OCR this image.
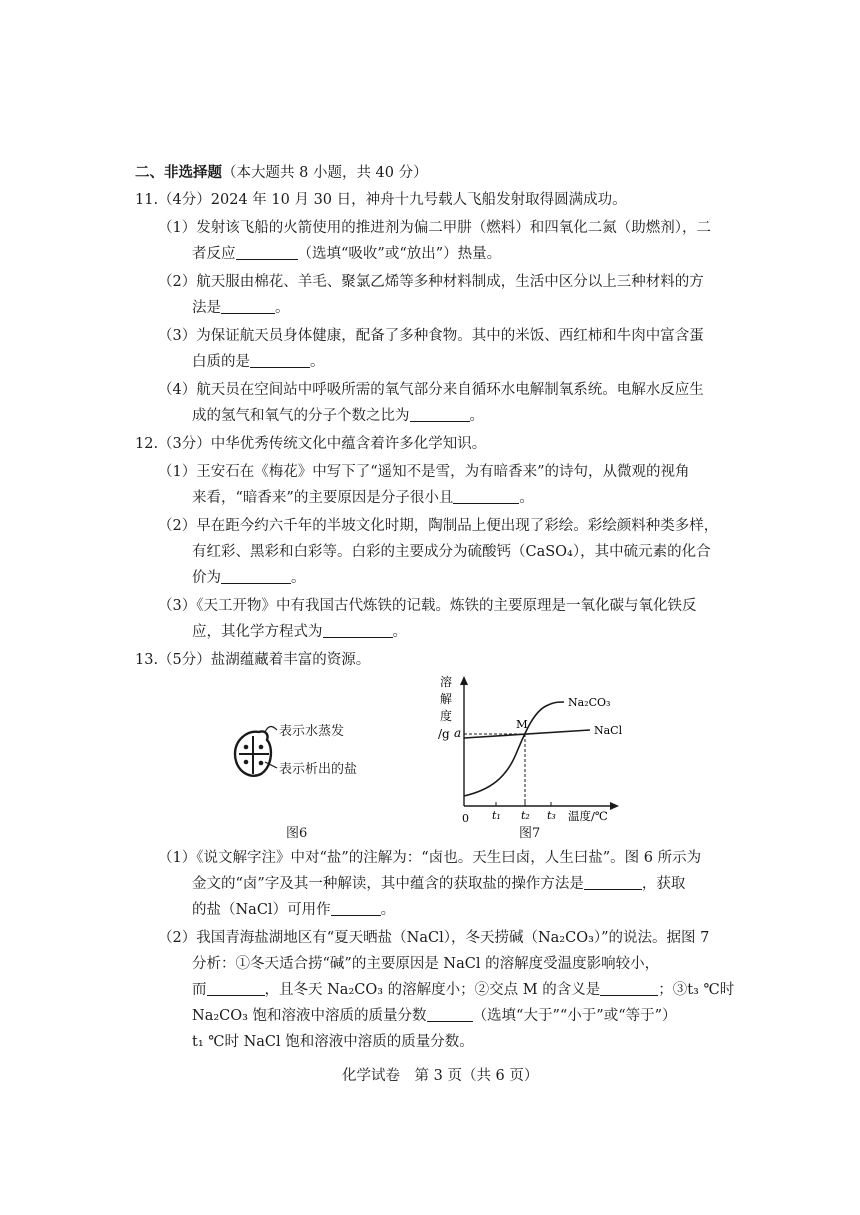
二、非选择题（本大题共 8 小题，共 40 分）
11.（4分）2024 年 10 月 30 日，神舟十九号载人飞船发射取得圆满成功。
（1）发射该飞船的火箭使用的推进剂为偏二甲肼（燃料）和四氧化二氮（助燃剂），二
者反应	（选填“吸收”或“放出”）热量。
（2）航天服由棉花、羊毛、聚氯乙烯等多种材料制成，生活中区分以上三种材料的方
法是	。
（3）为保证航天员身体健康，配备了多种食物。其中的米饭、西红柿和牛肉中富含蛋
白质的是	。
（4）航天员在空间站中呼吸所需的氧气部分来自循环水电解制氧系统。电解水反应生
成的氢气和氧气的分子个数之比为	。
12.（3分）中华优秀传统文化中蕴含着许多化学知识。
（1）王安石在《梅花》中写下了“遥知不是雪，为有暗香来”的诗句，从微观的视角
来看，“暗香来”的主要原因是分子很小且	。
（2）早在距今约六千年的半坡文化时期，陶制品上便出现了彩绘。彩绘颜料种类多样，
有红彩、黑彩和白彩等。白彩的主要成分为硫酸钙（CaSO₄），其中硫元素的化合
价为	。
（3）《天工开物》中有我国古代炼铁的记载。炼铁的主要原理是一氧化碳与氧化铁反
应，其化学方程式为	。
13.（5分）盐湖蕴藏着丰富的资源。
表示水蒸发
表示析出的盐
图6
溶
解
度
/g
0 t₁ t₂ t₃ 温度/℃
a
Na₂CO₃
NaCl
M
图7
（1）《说文解字注》中对“盐”的注解为：“卤也。天生曰卤，人生曰盐”。图 6 所示为
金文的“卤”字及其一种解读，其中蕴含的获取盐的操作方法是	，获取
的盐（NaCl）可用作	。
（2）我国青海盐湖地区有“夏天晒盐（NaCl），冬天捞碱（Na₂CO₃）”的说法。据图 7
分析：①冬天适合捞“碱”的主要原因是 NaCl 的溶解度受温度影响较小，
而	，且冬天 Na₂CO₃ 的溶解度小；②交点 M 的含义是	；③t₃ ℃时
Na₂CO₃ 饱和溶液中溶质的质量分数	（选填“大于”“小于”或“等于”）
t₁ ℃时 NaCl 饱和溶液中溶质的质量分数。
化学试卷　第 3 页（共 6 页）
